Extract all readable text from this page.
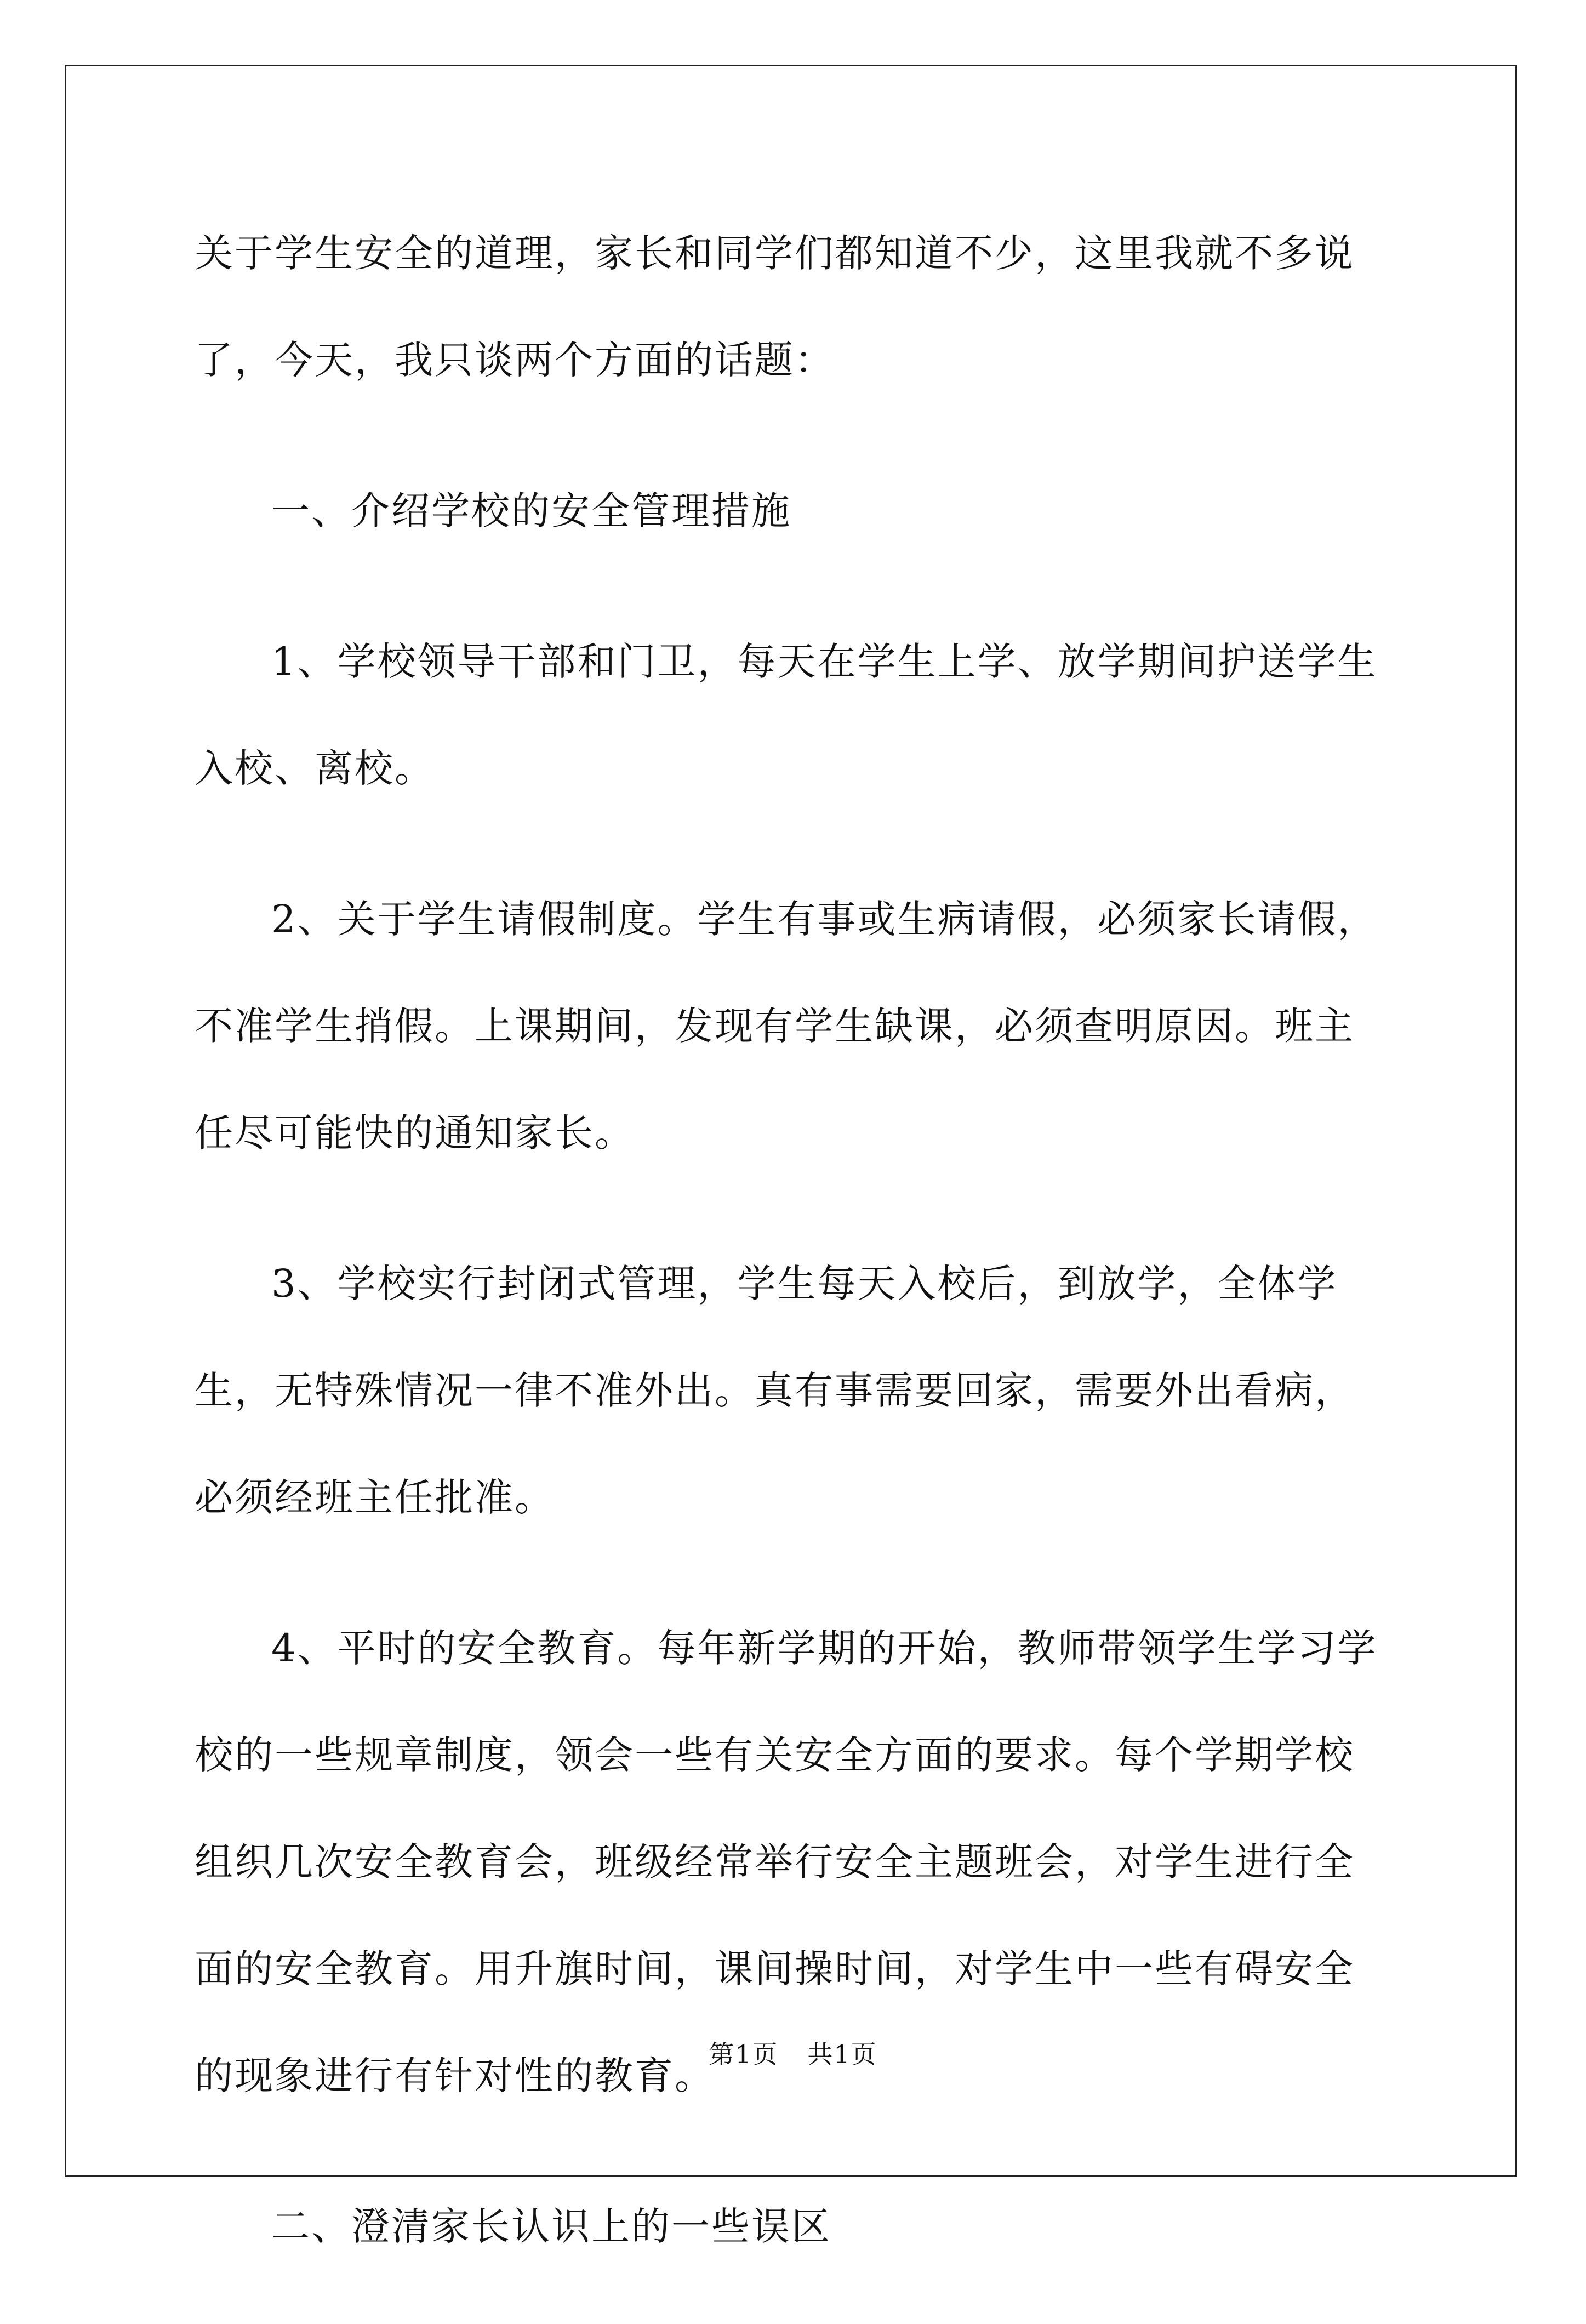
关于学生安全的道理，家长和同学们都知道不少，这里我就不多说了，今天，我只谈两个方面的话题：

一、介绍学校的安全管理措施

1、学校领导干部和门卫，每天在学生上学、放学期间护送学生入校、离校。

2、关于学生请假制度。学生有事或生病请假，必须家长请假，不准学生捎假。上课期间，发现有学生缺课，必须查明原因。班主任尽可能快的通知家长。

3、学校实行封闭式管理，学生每天入校后，到放学，全体学生，无特殊情况一律不准外出。真有事需要回家，需要外出看病，必须经班主任批准。

4、平时的安全教育。每年新学期的开始，教师带领学生学习学校的一些规章制度，领会一些有关安全方面的要求。每个学期学校组织几次安全教育会，班级经常举行安全主题班会，对学生进行全面的安全教育。用升旗时间，课间操时间，对学生中一些有碍安全的现象进行有针对性的教育。

二、澄清家长认识上的一些误区

第1页 共1页
